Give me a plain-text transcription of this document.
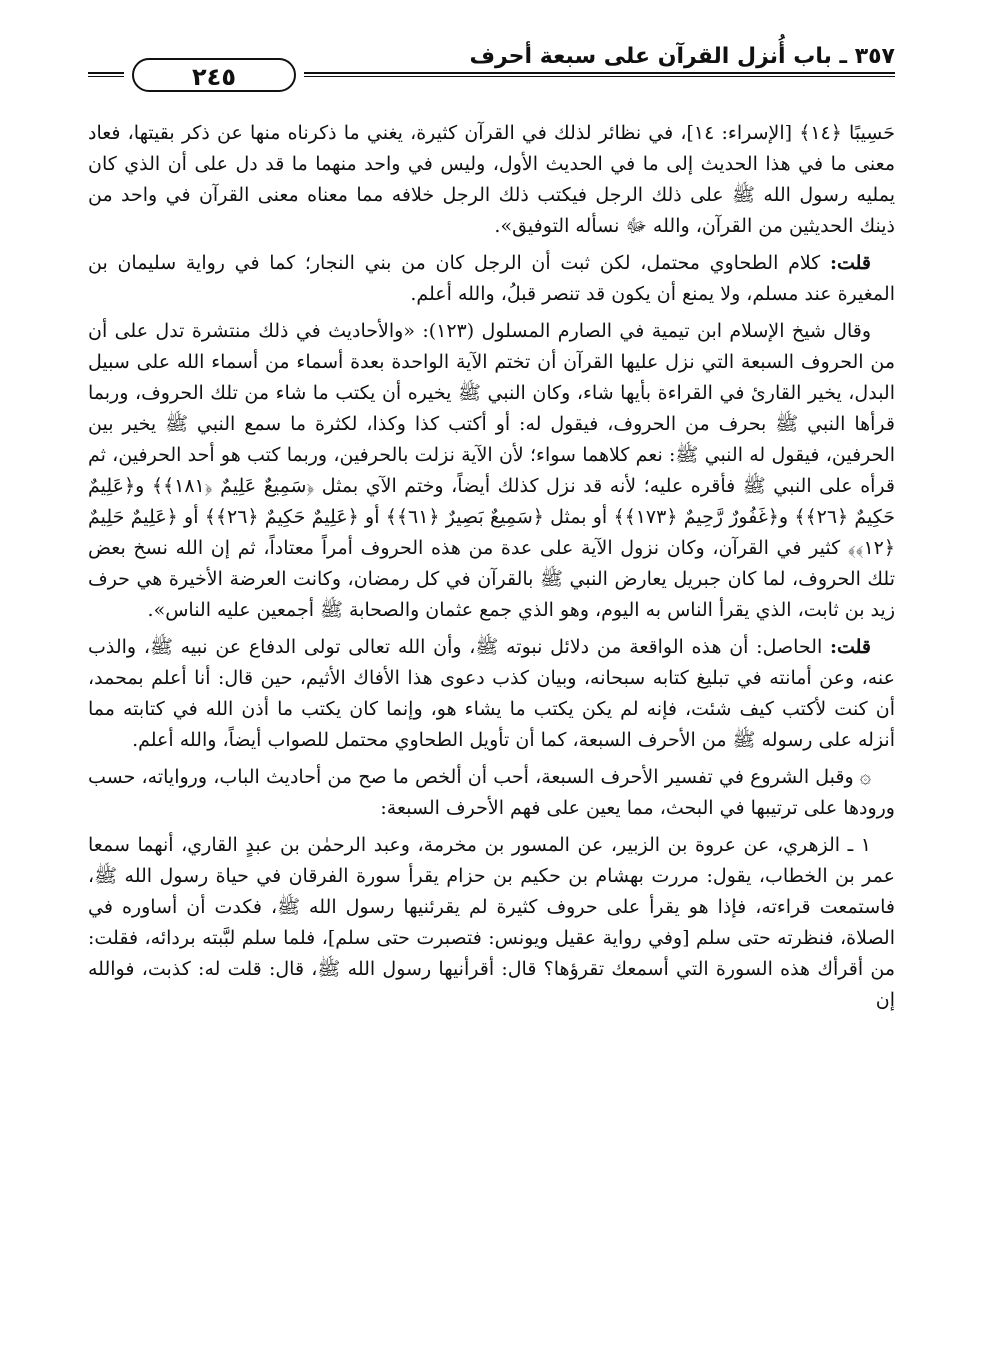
٣٥٧ ـ باب أُنزل القرآن على سبعة أحرف
٢٤٥

حَسِيبًا ﴿١٤﴾ [الإسراء: ١٤]، في نظائر لذلك في القرآن كثيرة، يغني ما ذكرناه منها عن ذكر بقيتها، فعاد معنى ما في هذا الحديث إلى ما في الحديث الأول، وليس في واحد منهما ما قد دل على أن الذي كان يمليه رسول الله ﷺ على ذلك الرجل فيكتب ذلك الرجل خلافه مما معناه معنى القرآن في واحد من ذينك الحديثين من القرآن، والله ﷻ نسأله التوفيق».

قلت: كلام الطحاوي محتمل، لكن ثبت أن الرجل كان من بني النجار؛ كما في رواية سليمان بن المغيرة عند مسلم، ولا يمنع أن يكون قد تنصر قبلُ، والله أعلم.

وقال شيخ الإسلام ابن تيمية في الصارم المسلول (١٢٣): «والأحاديث في ذلك منتشرة تدل على أن من الحروف السبعة التي نزل عليها القرآن أن تختم الآية الواحدة بعدة أسماء من أسماء الله على سبيل البدل، يخير القارئ في القراءة بأيها شاء، وكان النبي ﷺ يخيره أن يكتب ما شاء من تلك الحروف، وربما قرأها النبي ﷺ بحرف من الحروف، فيقول له: أو أكتب كذا وكذا، لكثرة ما سمع النبي ﷺ يخير بين الحرفين، فيقول له النبي ﷺ: نعم كلاهما سواء؛ لأن الآية نزلت بالحرفين، وربما كتب هو أحد الحرفين، ثم قرأه على النبي ﷺ فأقره عليه؛ لأنه قد نزل كذلك أيضاً، وختم الآي بمثل ﴿سَمِيعٌ عَلِيمٌ ﴿١٨١﴾﴾ و﴿عَلِيمٌ حَكِيمٌ ﴿٢٦﴾﴾ و﴿غَفُورٌ رَّحِيمٌ ﴿١٧٣﴾﴾ أو بمثل ﴿سَمِيعٌ بَصِيرٌ ﴿٦١﴾﴾ أو ﴿عَلِيمٌ حَكِيمٌ ﴿٢٦﴾﴾ أو ﴿عَلِيمٌ حَلِيمٌ ﴿١٢﴾﴾ كثير في القرآن، وكان نزول الآية على عدة من هذه الحروف أمراً معتاداً، ثم إن الله نسخ بعض تلك الحروف، لما كان جبريل يعارض النبي ﷺ بالقرآن في كل رمضان، وكانت العرضة الأخيرة هي حرف زيد بن ثابت، الذي يقرأ الناس به اليوم، وهو الذي جمع عثمان والصحابة ﷺ أجمعين عليه الناس».

قلت: الحاصل: أن هذه الواقعة من دلائل نبوته ﷺ، وأن الله تعالى تولى الدفاع عن نبيه ﷺ، والذب عنه، وعن أمانته في تبليغ كتابه سبحانه، وبيان كذب دعوى هذا الأفاك الأثيم، حين قال: أنا أعلم بمحمد، أن كنت لأكتب كيف شئت، فإنه لم يكن يكتب ما يشاء هو، وإنما كان يكتب ما أذن الله في كتابته مما أنزله على رسوله ﷺ من الأحرف السبعة، كما أن تأويل الطحاوي محتمل للصواب أيضاً، والله أعلم.

۞ وقبل الشروع في تفسير الأحرف السبعة، أحب أن ألخص ما صح من أحاديث الباب، ورواياته، حسب ورودها على ترتيبها في البحث، مما يعين على فهم الأحرف السبعة:

١ ـ الزهري، عن عروة بن الزبير، عن المسور بن مخرمة، وعبد الرحمٰن بن عبدٍ القاري، أنهما سمعا عمر بن الخطاب، يقول: مررت بهشام بن حكيم بن حزام يقرأ سورة الفرقان في حياة رسول الله ﷺ، فاستمعت قراءته، فإذا هو يقرأ على حروف كثيرة لم يقرئنيها رسول الله ﷺ، فكدت أن أساوره في الصلاة، فنظرته حتى سلم [وفي رواية عقيل ويونس: فتصبرت حتى سلم]، فلما سلم لبَّبته بردائه، فقلت: من أقرأك هذه السورة التي أسمعك تقرؤها؟ قال: أقرأنيها رسول الله ﷺ، قال: قلت له: كذبت، فوالله إن
